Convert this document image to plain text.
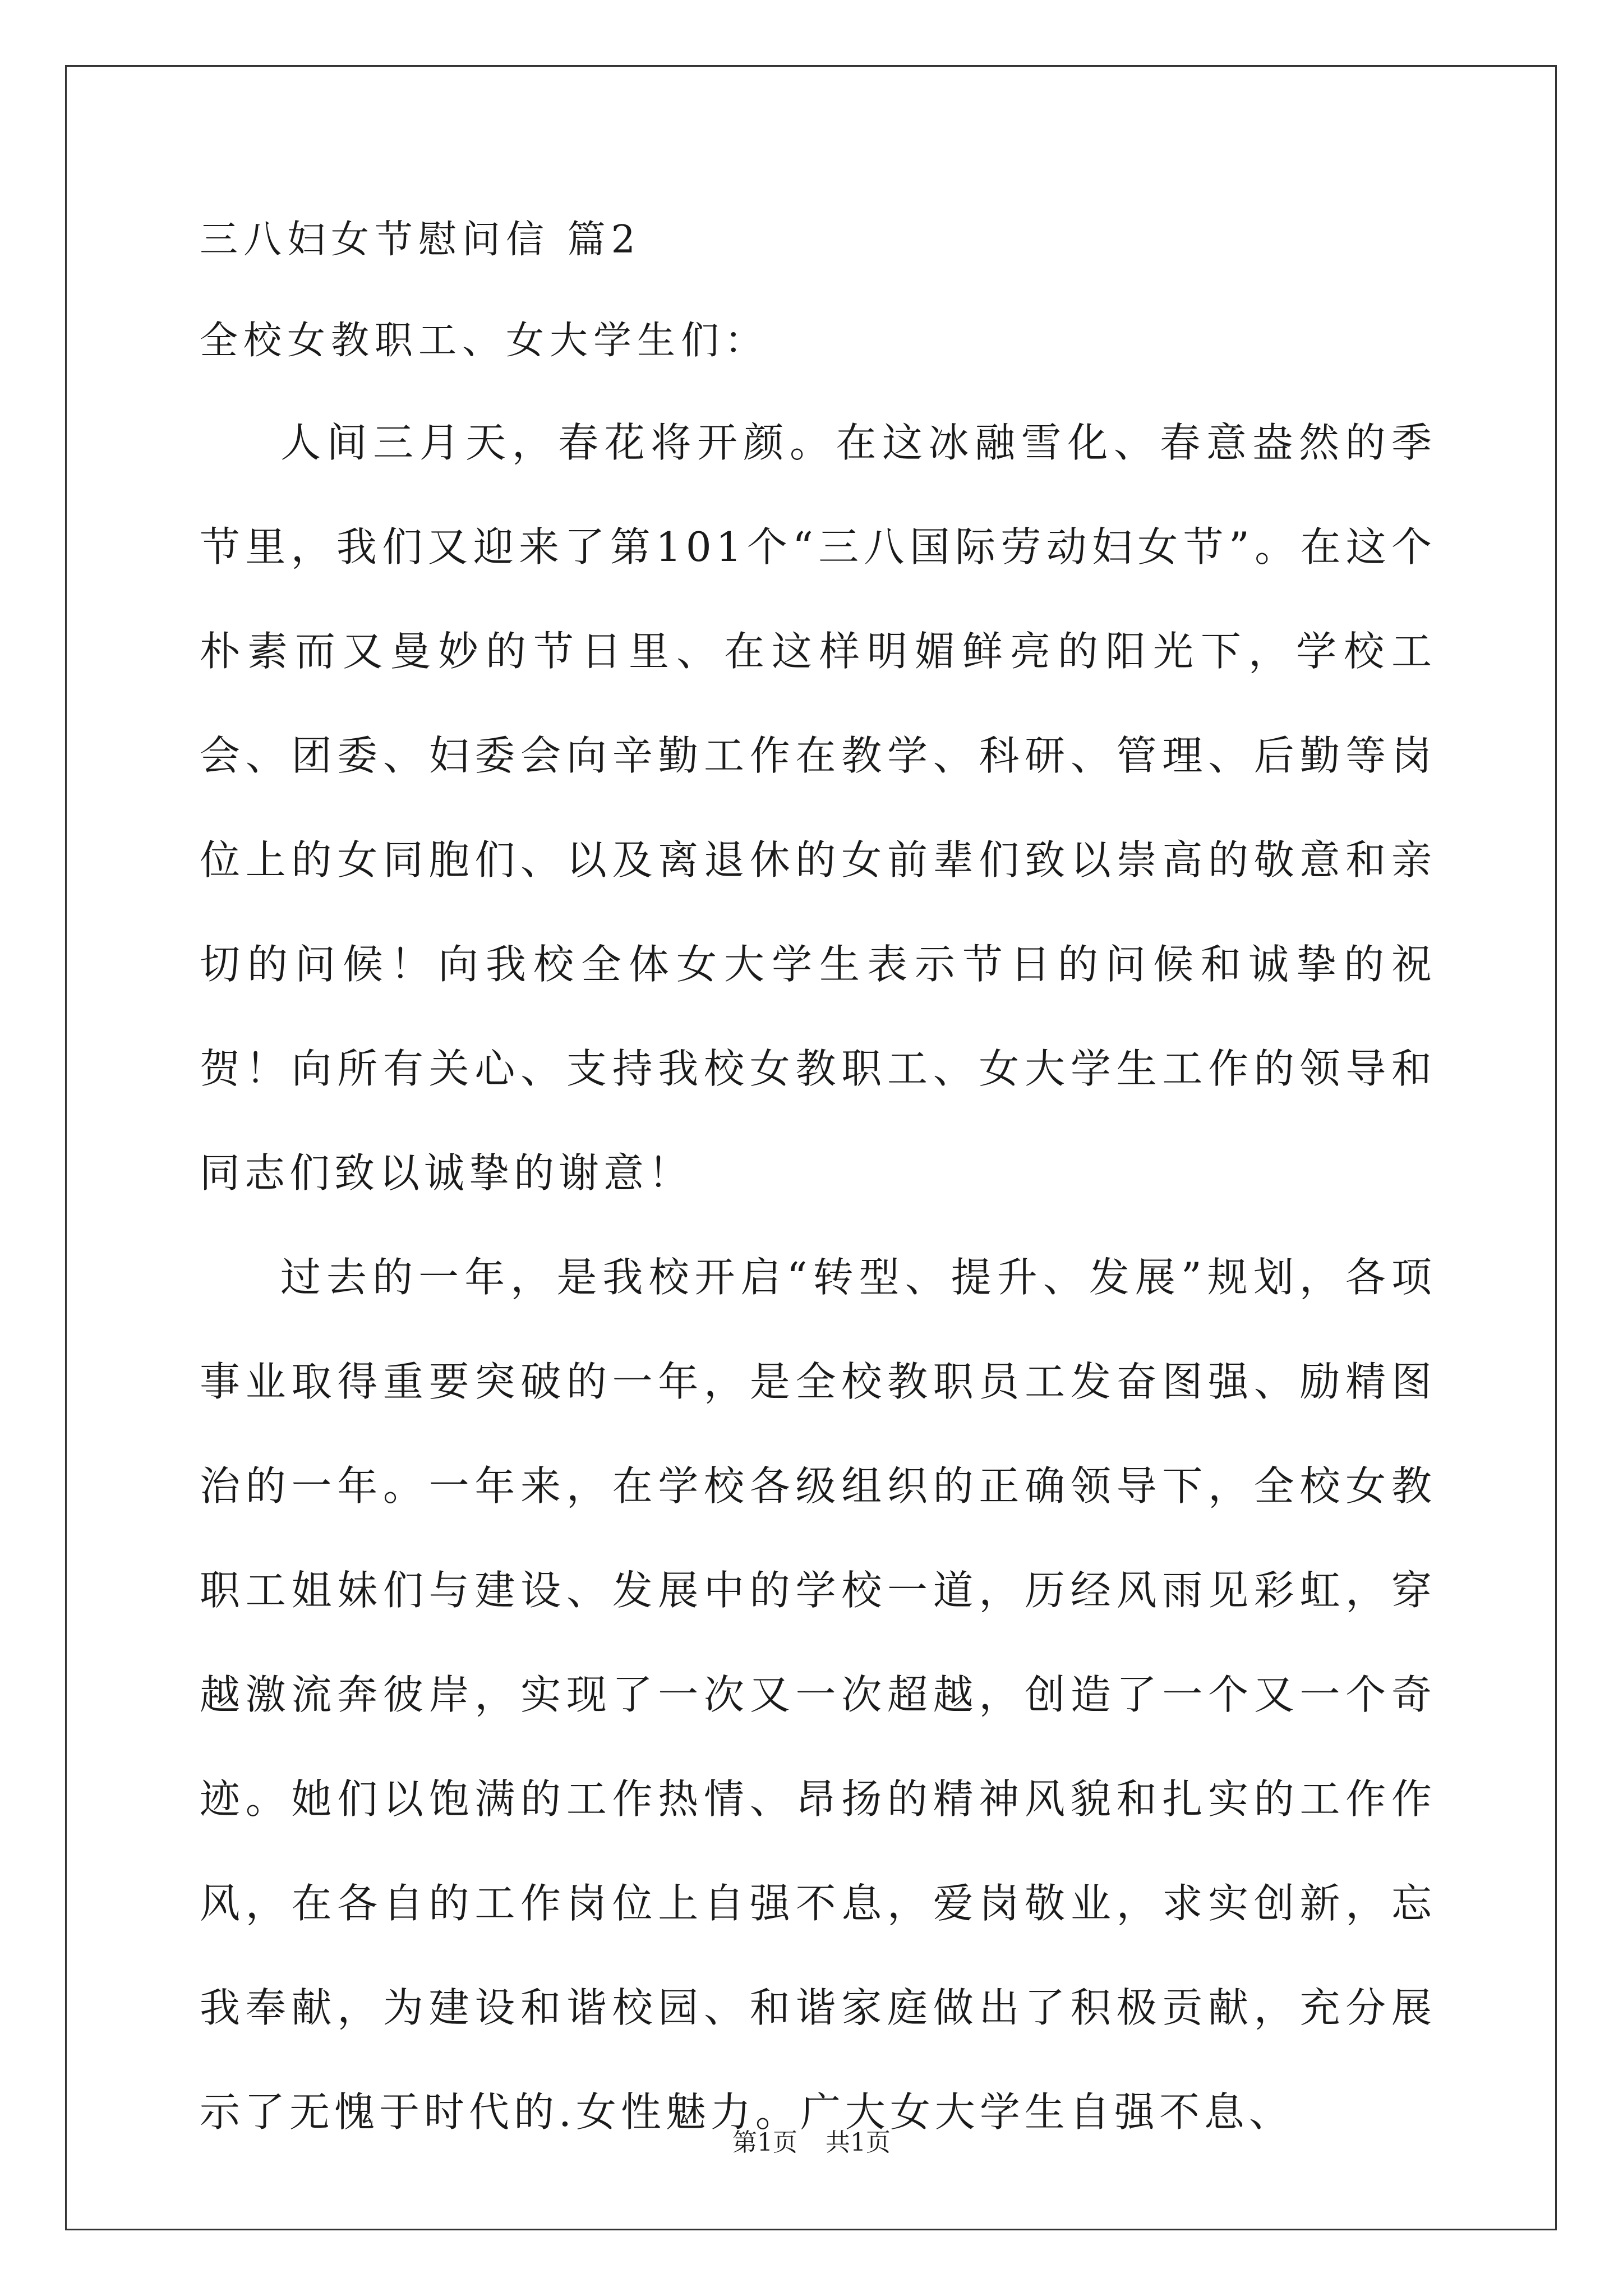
三八妇女节慰问信 篇2

全校女教职工、女大学生们：

人间三月天，春花将开颜。在这冰融雪化、春意盎然的季节里，我们又迎来了第101个“三八国际劳动妇女节”。在这个朴素而又曼妙的节日里、在这样明媚鲜亮的阳光下，学校工会、团委、妇委会向辛勤工作在教学、科研、管理、后勤等岗位上的女同胞们、以及离退休的女前辈们致以崇高的敬意和亲切的问候！向我校全体女大学生表示节日的问候和诚挚的祝贺！向所有关心、支持我校女教职工、女大学生工作的领导和同志们致以诚挚的谢意！

过去的一年，是我校开启“转型、提升、发展”规划，各项事业取得重要突破的一年，是全校教职员工发奋图强、励精图治的一年。一年来，在学校各级组织的正确领导下，全校女教职工姐妹们与建设、发展中的学校一道，历经风雨见彩虹，穿越激流奔彼岸，实现了一次又一次超越，创造了一个又一个奇迹。她们以饱满的工作热情、昂扬的精神风貌和扎实的工作作风，在各自的工作岗位上自强不息，爱岗敬业，求实创新，忘我奉献，为建设和谐校园、和谐家庭做出了积极贡献，充分展示了无愧于时代的.女性魅力。广大女大学生自强不息、

第1页 共1页
